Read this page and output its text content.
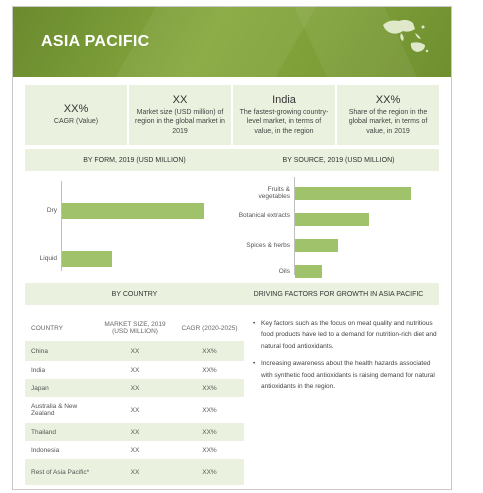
ASIA PACIFIC
XX%
CAGR (Value)
XX
Market size (USD million) of region in the global market in 2019
India
The fastest-growing country-level market, in terms of value, in the region
XX%
Share of the region in the global market, in terms of value, in 2019
BY FORM, 2019 (USD MILLION)	BY SOURCE, 2019 (USD MILLION)
Dry
Liquid
Fruits & vegetables
Botanical extracts
Spices & herbs
Oils
BY COUNTRY	DRIVING FACTORS FOR GROWTH IN ASIA PACIFIC
COUNTRY	MARKET SIZE, 2019 (USD MILLION)	CAGR (2020-2025)
China	XX	XX%
India	XX	XX%
Japan	XX	XX%
Australia & New Zealand	XX	XX%
Thailand	XX	XX%
Indonesia	XX	XX%
Rest of Asia Pacific*	XX	XX%
• Key factors such as the focus on meat quality and nutritious food products have led to a demand for nutrition-rich diet and natural food antioxidants.
• Increasing awareness about the health hazards associated with synthetic food antioxidants is raising demand for natural antioxidants in the region.
